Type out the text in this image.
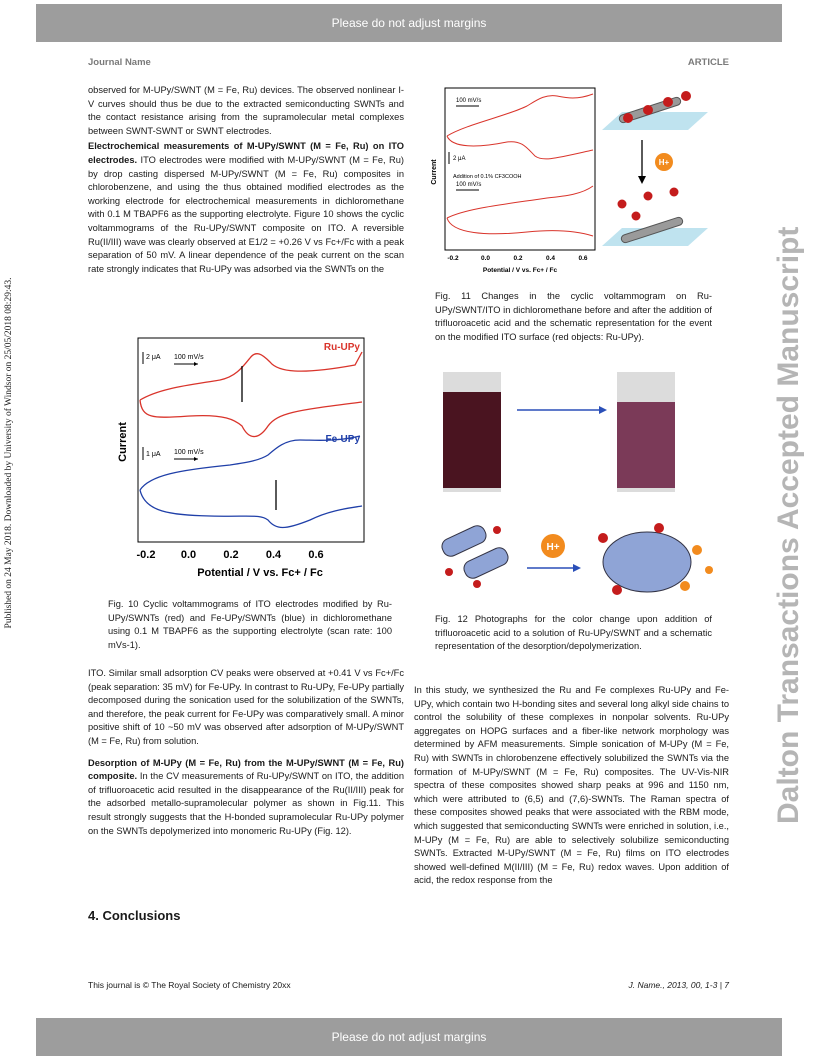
Please do not adjust margins
Journal Name	ARTICLE
Published on 24 May 2018. Downloaded by University of Windsor on 25/05/2018 08:29:43.	Dalton Transactions Accepted Manuscript

observed for M-UPy/SWNT (M = Fe, Ru) devices. The observed nonlinear I-V curves should thus be due to the extracted semiconducting SWNTs and the contact resistance arising from the supramolecular metal complexes between SWNT-SWNT or SWNT electrodes.

Electrochemical measurements of M-UPy/SWNT (M = Fe, Ru) on ITO electrodes. ITO electrodes were modified with M-UPy/SWNT (M = Fe, Ru) by drop casting dispersed M-UPy/SWNT (M = Fe, Ru) composites in chlorobenzene, and using the thus obtained modified electrodes as the working electrode for electrochemical measurements in dichloromethane with 0.1 M TBAPF6 as the supporting electrolyte. Figure 10 shows the cyclic voltammograms of the Ru-UPy/SWNT composite on ITO. A reversible Ru(II/III) wave was clearly observed at E1/2 = +0.26 V vs Fc+/Fc with a peak separation of 50 mV. A linear dependence of the peak current on the scan rate strongly indicates that Ru-UPy was adsorbed via the SWNTs on the

2 μA 100 mV/s
1 μA 100 mV/s
Ru-UPy
Fe-UPy
Current
-0.2 0.0 0.2 0.4 0.6
Potential / V vs. Fc+ / Fc
Fig. 10 Cyclic voltammograms of ITO electrodes modified by Ru-UPy/SWNTs (red) and Fe-UPy/SWNTs (blue) in dichloromethane using 0.1 M TBAPF6 as the supporting electrolyte (scan rate: 100 mVs-1).

ITO. Similar small adsorption CV peaks were observed at +0.41 V vs Fc+/Fc (peak separation: 35 mV) for Fe-UPy. In contrast to Ru-UPy, Fe-UPy partially decomposed during the sonication used for the solubilization of the SWNTs, and therefore, the peak current for Fe-UPy was comparatively small. A minor positive shift of 10 ~50 mV was observed after adsorption of M-UPy/SWNT (M = Fe, Ru) from solution.

Desorption of M-UPy (M = Fe, Ru) from the M-UPy/SWNT (M = Fe, Ru) composite. In the CV measurements of Ru-UPy/SWNT on ITO, the addition of trifluoroacetic acid resulted in the disappearance of the Ru(II/III) peak for the adsorbed metallo-supramolecular polymer as shown in Fig.11. This result strongly suggests that the H-bonded supramolecular Ru-UPy polymer on the SWNTs depolymerized into monomeric Ru-UPy (Fig. 12).

4. Conclusions
100 mV/s
2 μA
Addition of 0.1% CF3COOH
100 mV/s
Current
-0.2	0.0	0.2	0.4	0.6
Potential / V vs. Fc+ / Fc
H+
Fig. 11 Changes in the cyclic voltammogram on Ru-UPy/SWNT/ITO in dichloromethane before and after the addition of trifluoroacetic acid and the schematic representation for the event on the modified ITO surface (red objects: Ru-UPy).
H+
Fig. 12 Photographs for the color change upon addition of trifluoroacetic acid to a solution of Ru-UPy/SWNT and a schematic representation of the desorption/depolymerization.

In this study, we synthesized the Ru and Fe complexes Ru-UPy and Fe-UPy, which contain two H-bonding sites and several long alkyl side chains to control the solubility of these complexes in nonpolar solvents. Ru-UPy aggregates on HOPG surfaces and a fiber-like network morphology was determined by AFM measurements. Simple sonication of M-UPy (M = Fe, Ru) with SWNTs in chlorobenzene effectively solubilized the SWNTs via the formation of M-UPy/SWNT (M = Fe, Ru) composites. The UV-Vis-NIR spectra of these composites showed sharp peaks at 996 and 1150 nm, which were attributed to (6,5) and (7,6)-SWNTs. The Raman spectra of these composites showed peaks that were associated with the RBM mode, which suggested that semiconducting SWNTs were enriched in solution, i.e., M-UPy (M = Fe, Ru) are able to selectively solubilize semiconducting SWNTs. Extracted M-UPy/SWNT (M = Fe, Ru) films on ITO electrodes showed well-defined M(II/III) (M = Fe, Ru) redox waves. Upon addition of acid, the redox response from the

This journal is © The Royal Society of Chemistry 20xx	J. Name., 2013, 00, 1-3 | 7
Please do not adjust margins
